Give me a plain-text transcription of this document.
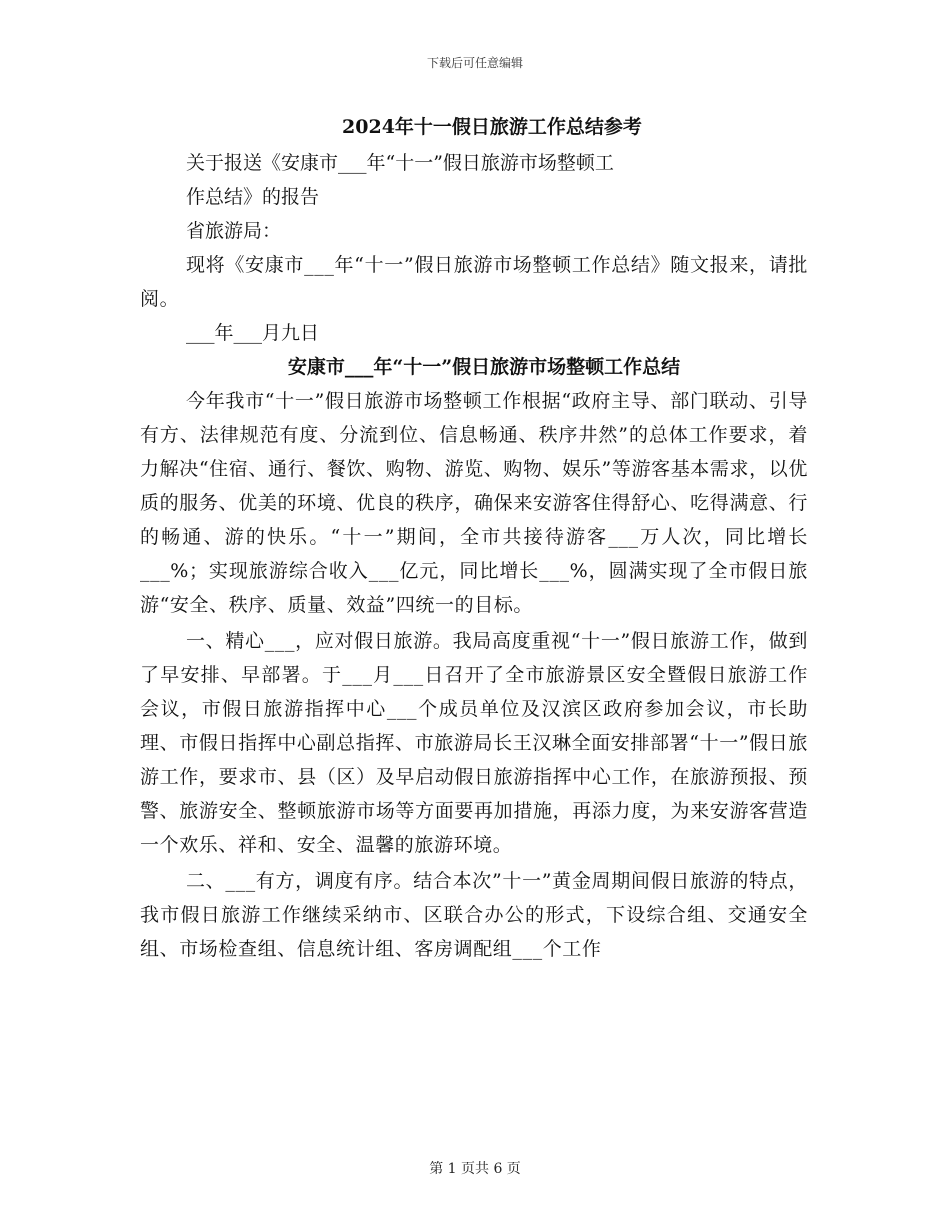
下载后可任意编辑
2024年十一假日旅游工作总结参考
关于报送《安康市___年“十一”假日旅游市场整顿工
作总结》的报告
省旅游局：

现将《安康市___年“十一”假日旅游市场整顿工作总结》随文报来，请批阅。

___年___月九日
安康市___年“十一”假日旅游市场整顿工作总结

今年我市“十一”假日旅游市场整顿工作根据“政府主导、部门联动、引导有方、法律规范有度、分流到位、信息畅通、秩序井然”的总体工作要求，着力解决“住宿、通行、餐饮、购物、游览、购物、娱乐”等游客基本需求，以优质的服务、优美的环境、优良的秩序，确保来安游客住得舒心、吃得满意、行的畅通、游的快乐。“十一”期间，全市共接待游客___万人次，同比增长___%；实现旅游综合收入___亿元，同比增长___%，圆满实现了全市假日旅游“安全、秩序、质量、效益”四统一的目标。

一、精心___，应对假日旅游。我局高度重视“十一”假日旅游工作，做到了早安排、早部署。于___月___日召开了全市旅游景区安全暨假日旅游工作会议，市假日旅游指挥中心___个成员单位及汉滨区政府参加会议，市长助理、市假日指挥中心副总指挥、市旅游局长王汉琳全面安排部署“十一”假日旅游工作，要求市、县（区）及早启动假日旅游指挥中心工作，在旅游预报、预警、旅游安全、整顿旅游市场等方面要再加措施，再添力度，为来安游客营造一个欢乐、祥和、安全、温馨的旅游环境。

二、___有方，调度有序。结合本次”十一”黄金周期间假日旅游的特点，我市假日旅游工作继续采纳市、区联合办公的形式，下设综合组、交通安全组、市场检查组、信息统计组、客房调配组___个工作

第 1 页共 6 页
